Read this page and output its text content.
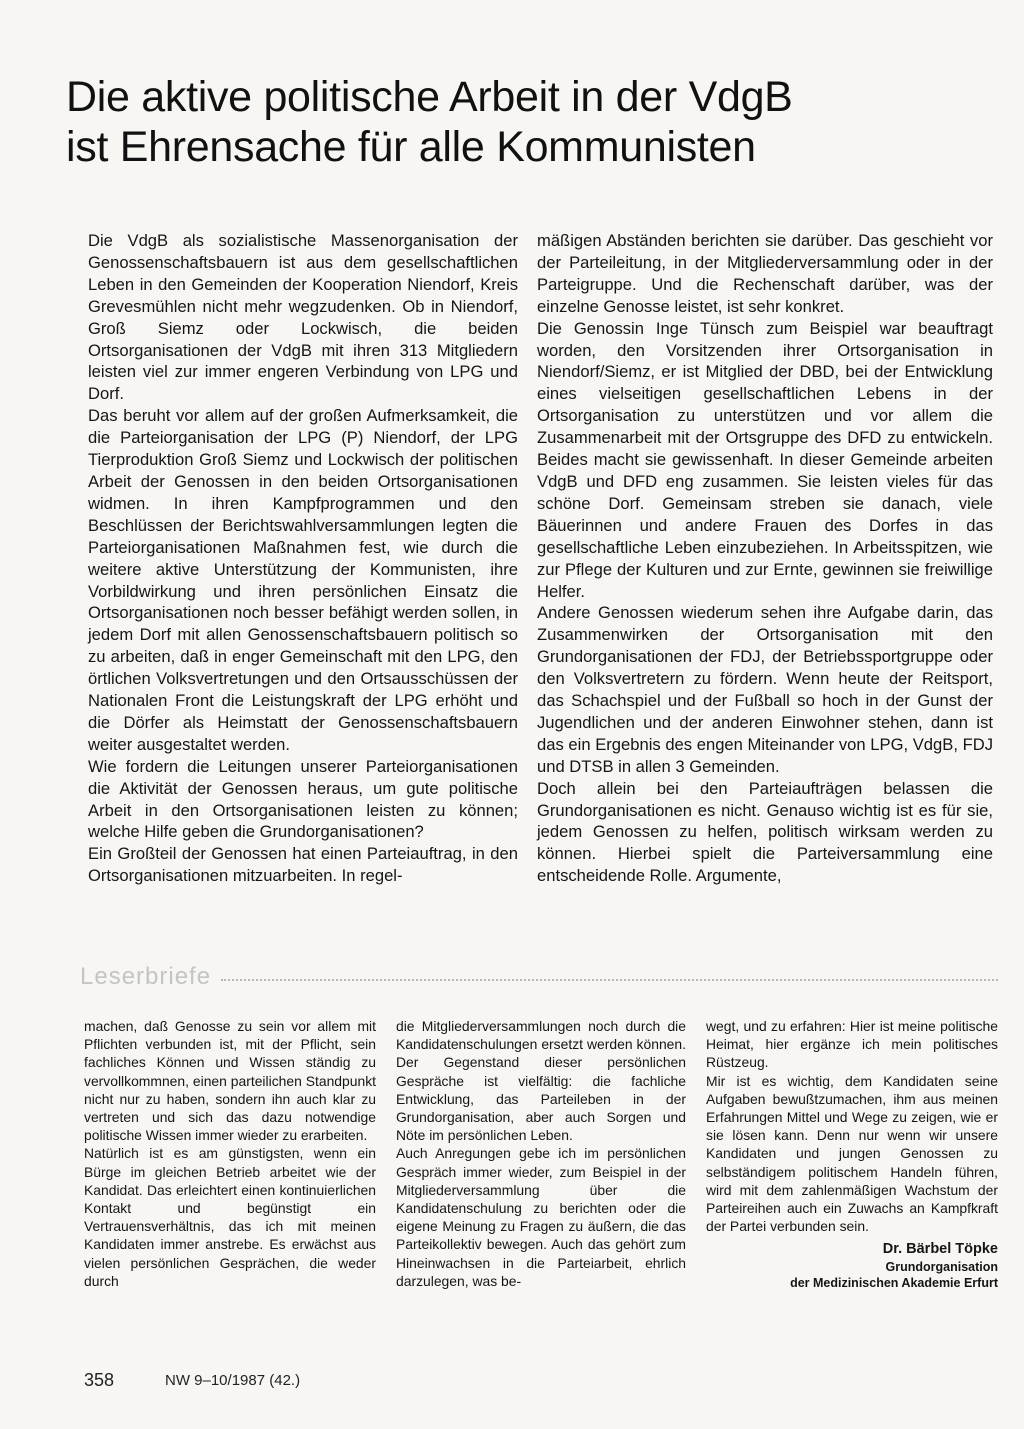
Die aktive politische Arbeit in der VdgB
ist Ehrensache für alle Kommunisten

Die VdgB als sozialistische Massenorganisation der Genossenschaftsbauern ist aus dem gesellschaftlichen Leben in den Gemeinden der Kooperation Niendorf, Kreis Grevesmühlen nicht mehr wegzudenken. Ob in Niendorf, Groß Siemz oder Lockwisch, die beiden Ortsorganisationen der VdgB mit ihren 313 Mitgliedern leisten viel zur immer engeren Verbindung von LPG und Dorf.

Das beruht vor allem auf der großen Aufmerksamkeit, die die Parteiorganisation der LPG (P) Niendorf, der LPG Tierproduktion Groß Siemz und Lockwisch der politischen Arbeit der Genossen in den beiden Ortsorganisationen widmen. In ihren Kampfprogrammen und den Beschlüssen der Berichtswahlversammlungen legten die Parteiorganisationen Maßnahmen fest, wie durch die weitere aktive Unterstützung der Kommunisten, ihre Vorbildwirkung und ihren persönlichen Einsatz die Ortsorganisationen noch besser befähigt werden sollen, in jedem Dorf mit allen Genossenschaftsbauern politisch so zu arbeiten, daß in enger Gemeinschaft mit den LPG, den örtlichen Volksvertretungen und den Ortsausschüssen der Nationalen Front die Leistungskraft der LPG erhöht und die Dörfer als Heimstatt der Genossenschaftsbauern weiter ausgestaltet werden.

Wie fordern die Leitungen unserer Parteiorganisationen die Aktivität der Genossen heraus, um gute politische Arbeit in den Ortsorganisationen leisten zu können; welche Hilfe geben die Grundorganisationen?

Ein Großteil der Genossen hat einen Parteiauftrag, in den Ortsorganisationen mitzuarbeiten. In regel-

mäßigen Abständen berichten sie darüber. Das geschieht vor der Parteileitung, in der Mitgliederversammlung oder in der Parteigruppe. Und die Rechenschaft darüber, was der einzelne Genosse leistet, ist sehr konkret.

Die Genossin Inge Tünsch zum Beispiel war beauftragt worden, den Vorsitzenden ihrer Ortsorganisation in Niendorf/Siemz, er ist Mitglied der DBD, bei der Entwicklung eines vielseitigen gesellschaftlichen Lebens in der Ortsorganisation zu unterstützen und vor allem die Zusammenarbeit mit der Ortsgruppe des DFD zu entwickeln. Beides macht sie gewissenhaft. In dieser Gemeinde arbeiten VdgB und DFD eng zusammen. Sie leisten vieles für das schöne Dorf. Gemeinsam streben sie danach, viele Bäuerinnen und andere Frauen des Dorfes in das gesellschaftliche Leben einzubeziehen. In Arbeitsspitzen, wie zur Pflege der Kulturen und zur Ernte, gewinnen sie freiwillige Helfer.

Andere Genossen wiederum sehen ihre Aufgabe darin, das Zusammenwirken der Ortsorganisation mit den Grundorganisationen der FDJ, der Betriebssportgruppe oder den Volksvertretern zu fördern. Wenn heute der Reitsport, das Schachspiel und der Fußball so hoch in der Gunst der Jugendlichen und der anderen Einwohner stehen, dann ist das ein Ergebnis des engen Miteinander von LPG, VdgB, FDJ und DTSB in allen 3 Gemeinden.

Doch allein bei den Parteiaufträgen belassen die Grundorganisationen es nicht. Genauso wichtig ist es für sie, jedem Genossen zu helfen, politisch wirksam werden zu können. Hierbei spielt die Parteiversammlung eine entscheidende Rolle. Argumente,

Leserbriefe

machen, daß Genosse zu sein vor allem mit Pflichten verbunden ist, mit der Pflicht, sein fachliches Können und Wissen ständig zu vervollkommnen, einen parteilichen Standpunkt nicht nur zu haben, sondern ihn auch klar zu vertreten und sich das dazu notwendige politische Wissen immer wieder zu erarbeiten.

Natürlich ist es am günstigsten, wenn ein Bürge im gleichen Betrieb arbeitet wie der Kandidat. Das erleichtert einen kontinuierlichen Kontakt und begünstigt ein Vertrauensverhältnis, das ich mit meinen Kandidaten immer anstrebe. Es erwächst aus vielen persönlichen Gesprächen, die weder durch

die Mitgliederversammlungen noch durch die Kandidatenschulungen ersetzt werden können. Der Gegenstand dieser persönlichen Gespräche ist vielfältig: die fachliche Entwicklung, das Parteileben in der Grundorganisation, aber auch Sorgen und Nöte im persönlichen Leben.

Auch Anregungen gebe ich im persönlichen Gespräch immer wieder, zum Beispiel in der Mitgliederversammlung über die Kandidatenschulung zu berichten oder die eigene Meinung zu Fragen zu äußern, die das Parteikollektiv bewegen. Auch das gehört zum Hineinwachsen in die Parteiarbeit, ehrlich darzulegen, was be-

wegt, und zu erfahren: Hier ist meine politische Heimat, hier ergänze ich mein politisches Rüstzeug.

Mir ist es wichtig, dem Kandidaten seine Aufgaben bewußtzumachen, ihm aus meinen Erfahrungen Mittel und Wege zu zeigen, wie er sie lösen kann. Denn nur wenn wir unsere Kandidaten und jungen Genossen zu selbständigem politischem Handeln führen, wird mit dem zahlenmäßigen Wachstum der Parteireihen auch ein Zuwachs an Kampfkraft der Partei verbunden sein.

Dr. Bärbel Töpke
Grundorganisation
der Medizinischen Akademie Erfurt
358	NW 9–10/1987 (42.)
